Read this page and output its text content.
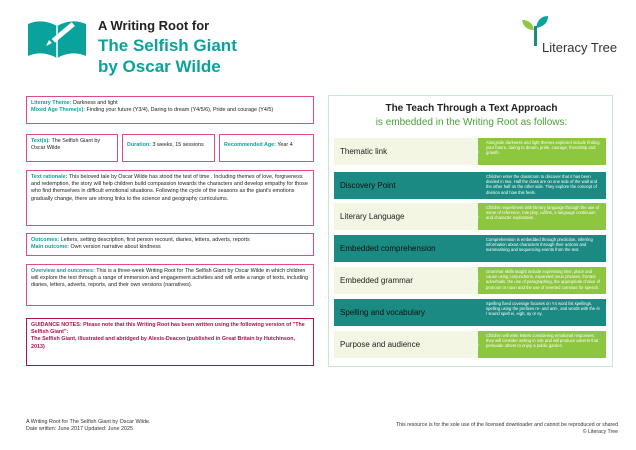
A Writing Root for
The Selfish Giant
by Oscar Wilde
Literacy Tree
Literary Theme: Darkness and light
Mixed Age Theme(s): Finding your future (Y3/4), Daring to dream (Y4/5/6), Pride and courage (Y4/5)
Text(s): The Selfish Giant by Oscar Wilde
Duration: 3 weeks, 15 sessions	Recommended Age: Year 4
Text rationale: This beloved tale by Oscar Wilde has stood the test of time . Including themes of love, forgiveness and redemption, the story will help children build compassion towards the characters and develop empathy for those who find themselves in difficult emotional situations. Following the cycle of the seasons as the giant's emotions gradually change, there are strong links to the science and geography curriculums.
Outcomes: Letters, setting description, first person recount, diaries, letters, adverts, reports
Main outcome: Own version narrative about kindness
Overview and outcomes: This is a three-week Writing Root for The Selfish Giant by Oscar Wilde in which children will explore the text through a range of immersion and engagement activities and will write a range of texts, including diaries, letters, adverts, reports, and their own versions (narratives).
GUIDANCE NOTES: Please note that this Writing Root has been written using the following version of "The Selfish Giant":
The Selfish Giant, illustrated and abridged by Alexis-Deacon (published in Great Britain by Hutchinson, 2013)
The Teach Through a Text Approach
is embedded in the Writing Root as follows:
Thematic link
Alongside darkness and light themes explored include finding your future, daring to dream, pride, courage, friendship and growth.
Discovery Point
Children enter the classroom to discover that it has been divided in two. Half the class are on one side of the wall and the other half on the other side. They explore the concept of division and how this feels.
Literary Language
Children experiment with literary language through the use of some of reference, role play, cuffins, a language continuum and character exploration.
Embedded comprehension
Comprehension is embedded through prediction, inferring information about characters through their actions and summarising and sequencing events from the text.
Embedded grammar
Grammar skills taught include expressing time, place and cause using conjunctions, expanded noun phrases, fronted adverbials, the use of paragraphing, the appropriate choice of pronoun or noun and the use of inverted commas for speech.
Spelling and vocabulary
Spelling fixed coverage focuses on Y4 word list spellings, spelling using the prefixes re- and anti-, and words with the /e / sound spelt ei, eigh, ay or ey.
Purpose and audience
Children will write letters considering emotional responses; they will consider writing in role and will produce adverts that persuade others to enjoy a public garden.
A Writing Root for The Selfish Giant by Oscar Wilde.
Date written: June 2017 Updated: June 2025
This resource is for the sole use of the licensed downloader and cannot be reproduced or shared
© Literacy Tree
